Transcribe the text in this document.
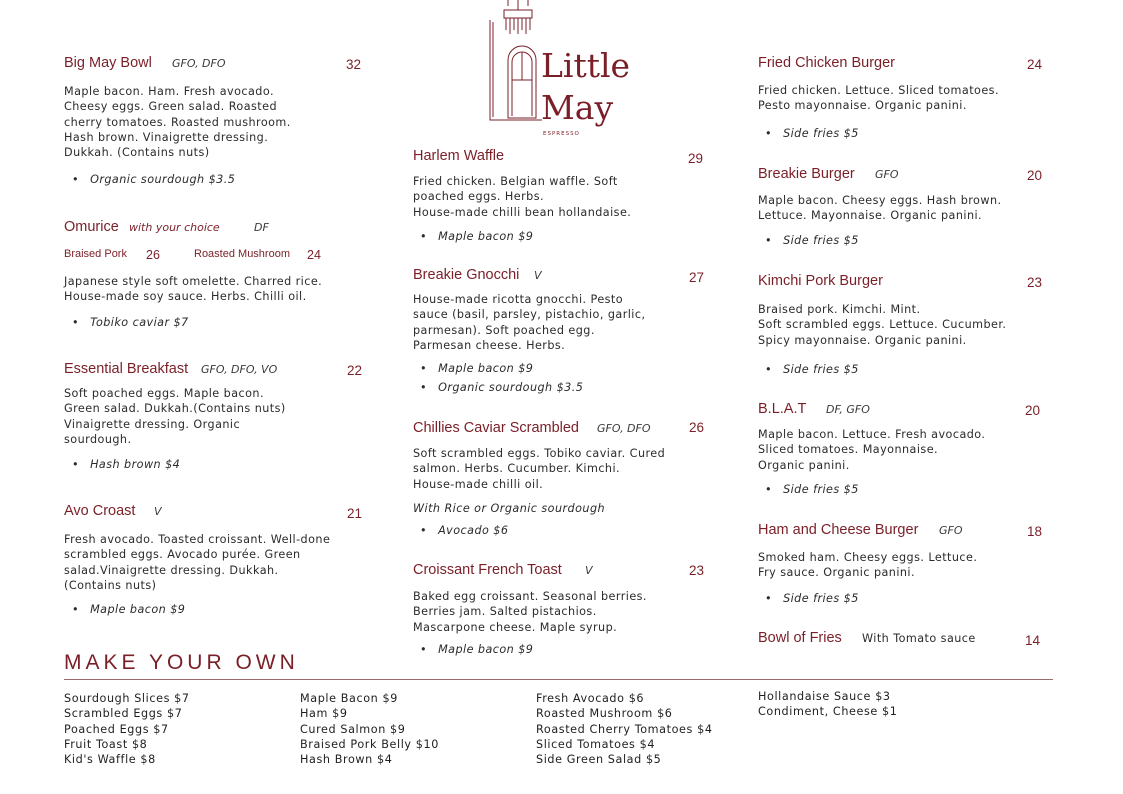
Little
May
ESPRESSO
Big May Bowl GFO, DFO	32
Maple bacon. Ham. Fresh avocado.
Cheesy eggs. Green salad. Roasted
cherry tomatoes. Roasted mushroom.
Hash brown. Vinaigrette dressing.
Dukkah. (Contains nuts)
• Organic sourdough $3.5
Omurice with your choice	DF
Braised Pork 26	Roasted Mushroom 24
Japanese style soft omelette. Charred rice.
House-made soy sauce. Herbs. Chilli oil.
• Tobiko caviar $7
Essential Breakfast GFO, DFO, VO	22
Soft poached eggs. Maple bacon.
Green salad. Dukkah.(Contains nuts)
Vinaigrette dressing. Organic
sourdough.
• Hash brown $4
Avo Croast V	21
Fresh avocado. Toasted croissant. Well-done
scrambled eggs. Avocado purée. Green
salad.Vinaigrette dressing. Dukkah.
(Contains nuts)
• Maple bacon $9
Harlem Waffle	29
Fried chicken. Belgian waffle. Soft
poached eggs. Herbs.
House-made chilli bean hollandaise.
• Maple bacon $9
Breakie Gnocchi V	27
House-made ricotta gnocchi. Pesto
sauce (basil, parsley, pistachio, garlic,
parmesan). Soft poached egg.
Parmesan cheese. Herbs.
• Maple bacon $9
• Organic sourdough $3.5
Chillies Caviar Scrambled GFO, DFO	26
Soft scrambled eggs. Tobiko caviar. Cured
salmon. Herbs. Cucumber. Kimchi.
House-made chilli oil.
With Rice or Organic sourdough
• Avocado $6
Croissant French Toast V	23
Baked egg croissant. Seasonal berries.
Berries jam. Salted pistachios.
Mascarpone cheese. Maple syrup.
• Maple bacon $9
Fried Chicken Burger	24
Fried chicken. Lettuce. Sliced tomatoes.
Pesto mayonnaise. Organic panini.
• Side fries $5
Breakie Burger GFO	20
Maple bacon. Cheesy eggs. Hash brown.
Lettuce. Mayonnaise. Organic panini.
• Side fries $5
Kimchi Pork Burger	23
Braised pork. Kimchi. Mint.
Soft scrambled eggs. Lettuce. Cucumber.
Spicy mayonnaise. Organic panini.
• Side fries $5
B.L.A.T DF, GFO	20
Maple bacon. Lettuce. Fresh avocado.
Sliced tomatoes. Mayonnaise.
Organic panini.
• Side fries $5
Ham and Cheese Burger GFO	18
Smoked ham. Cheesy eggs. Lettuce.
Fry sauce. Organic panini.
• Side fries $5
Bowl of Fries With Tomato sauce	14
MAKE YOUR OWN
Sourdough Slices $7
Scrambled Eggs $7
Poached Eggs $7
Fruit Toast $8
Kid's Waffle $8
Maple Bacon $9
Ham $9
Cured Salmon $9
Braised Pork Belly $10
Hash Brown $4
Fresh Avocado $6
Roasted Mushroom $6
Roasted Cherry Tomatoes $4
Sliced Tomatoes $4
Side Green Salad $5
Hollandaise Sauce $3
Condiment, Cheese $1
